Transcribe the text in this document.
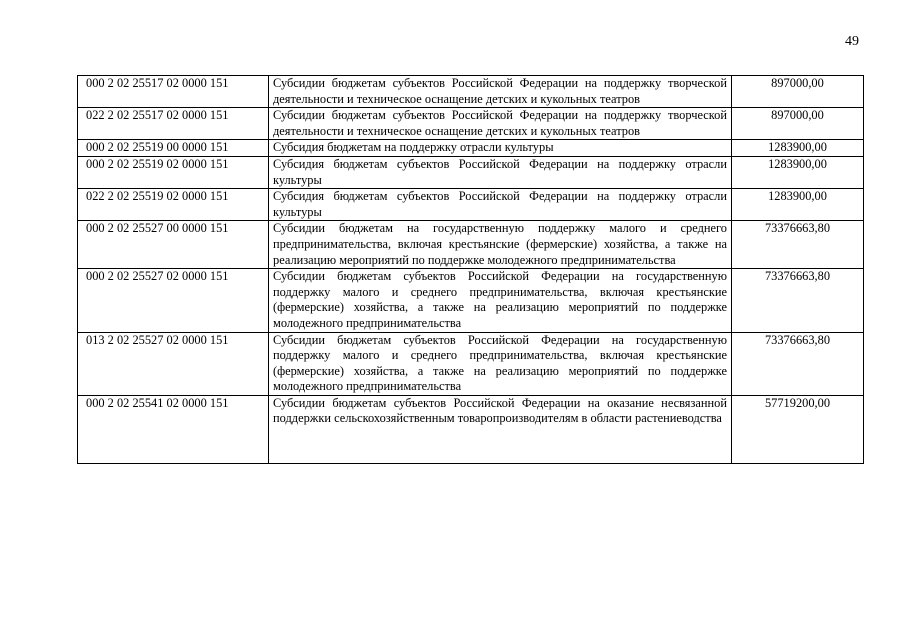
49
000 2 02 25517 02 0000 151	Субсидии бюджетам субъектов Российской Федерации на поддержку творческой деятельности и техническое оснащение детских и кукольных театров	897000,00
022 2 02 25517 02 0000 151	Субсидии бюджетам субъектов Российской Федерации на поддержку творческой деятельности и техническое оснащение детских и кукольных театров	897000,00
000 2 02 25519 00 0000 151	Субсидия бюджетам на поддержку отрасли культуры	1283900,00
000 2 02 25519 02 0000 151	Субсидия бюджетам субъектов Российской Федерации на поддержку отрасли культуры	1283900,00
022 2 02 25519 02 0000 151	Субсидия бюджетам субъектов Российской Федерации на поддержку отрасли культуры	1283900,00
000 2 02 25527 00 0000 151	Субсидии бюджетам на государственную поддержку малого и среднего предпринимательства, включая крестьянские (фермерские) хозяйства, а также на реализацию мероприятий по поддержке молодежного предпринимательства	73376663,80
000 2 02 25527 02 0000 151	Субсидии бюджетам субъектов Российской Федерации на государственную поддержку малого и среднего предпринимательства, включая крестьянские (фермерские) хозяйства, а также на реализацию мероприятий по поддержке молодежного предпринимательства	73376663,80
013 2 02 25527 02 0000 151	Субсидии бюджетам субъектов Российской Федерации на государственную поддержку малого и среднего предпринимательства, включая крестьянские (фермерские) хозяйства, а также на реализацию мероприятий по поддержке молодежного предпринимательства	73376663,80
000 2 02 25541 02 0000 151	Субсидии бюджетам субъектов Российской Федерации на оказание несвязанной поддержки сельскохозяйственным товаропроизводителям в области растениеводства	57719200,00
